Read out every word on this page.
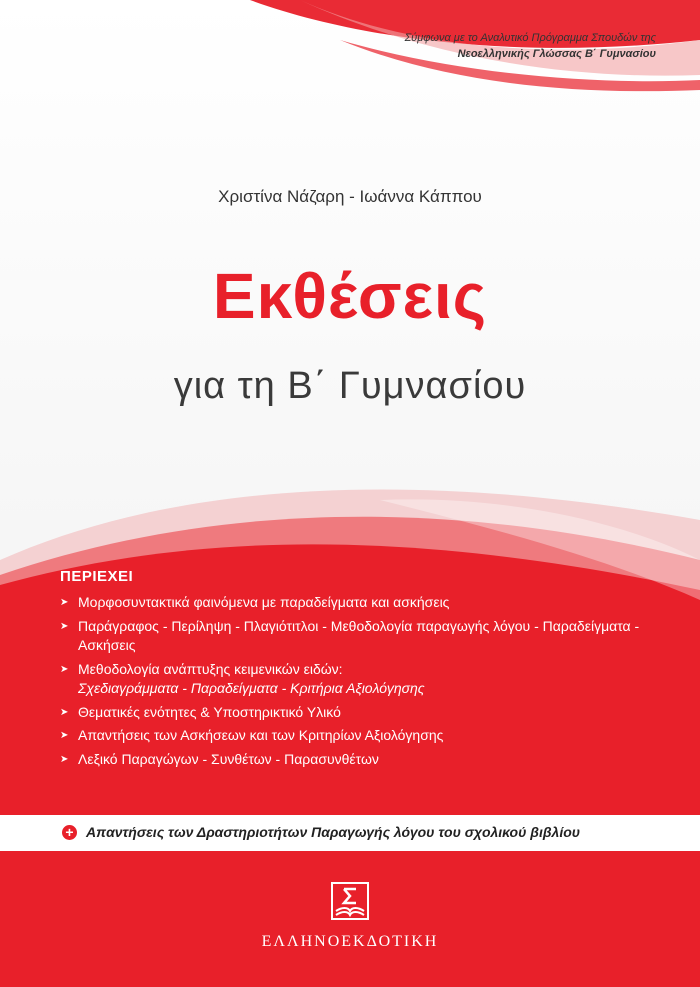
Σύμφωνα με το Αναλυτικό Πρόγραμμα Σπουδών της
Νεοελληνικής Γλώσσας Β΄ Γυμνασίου
Χριστίνα Νάζαρη - Ιωάννα Κάππου
Εκθέσεις
για τη Β΄ Γυμνασίου
ΠΕΡΙΕΧΕΙ
➤ Μορφοσυντακτικά φαινόμενα με παραδείγματα και ασκήσεις
➤ Παράγραφος - Περίληψη - Πλαγιότιτλοι - Μεθοδολογία παραγωγής λόγου - Παραδείγματα - Ασκήσεις
➤ Μεθοδολογία ανάπτυξης κειμενικών ειδών:
Σχεδιαγράμματα - Παραδείγματα - Κριτήρια Αξιολόγησης
➤ Θεματικές ενότητες & Υποστηρικτικό Υλικό
➤ Απαντήσεις των Ασκήσεων και των Κριτηρίων Αξιολόγησης
➤ Λεξικό Παραγώγων - Συνθέτων - Παρασυνθέτων
+ Απαντήσεις των Δραστηριοτήτων Παραγωγής λόγου του σχολικού βιβλίου
ΕΛΛΗΝΟΕΚΔΟΤΙΚΗ
